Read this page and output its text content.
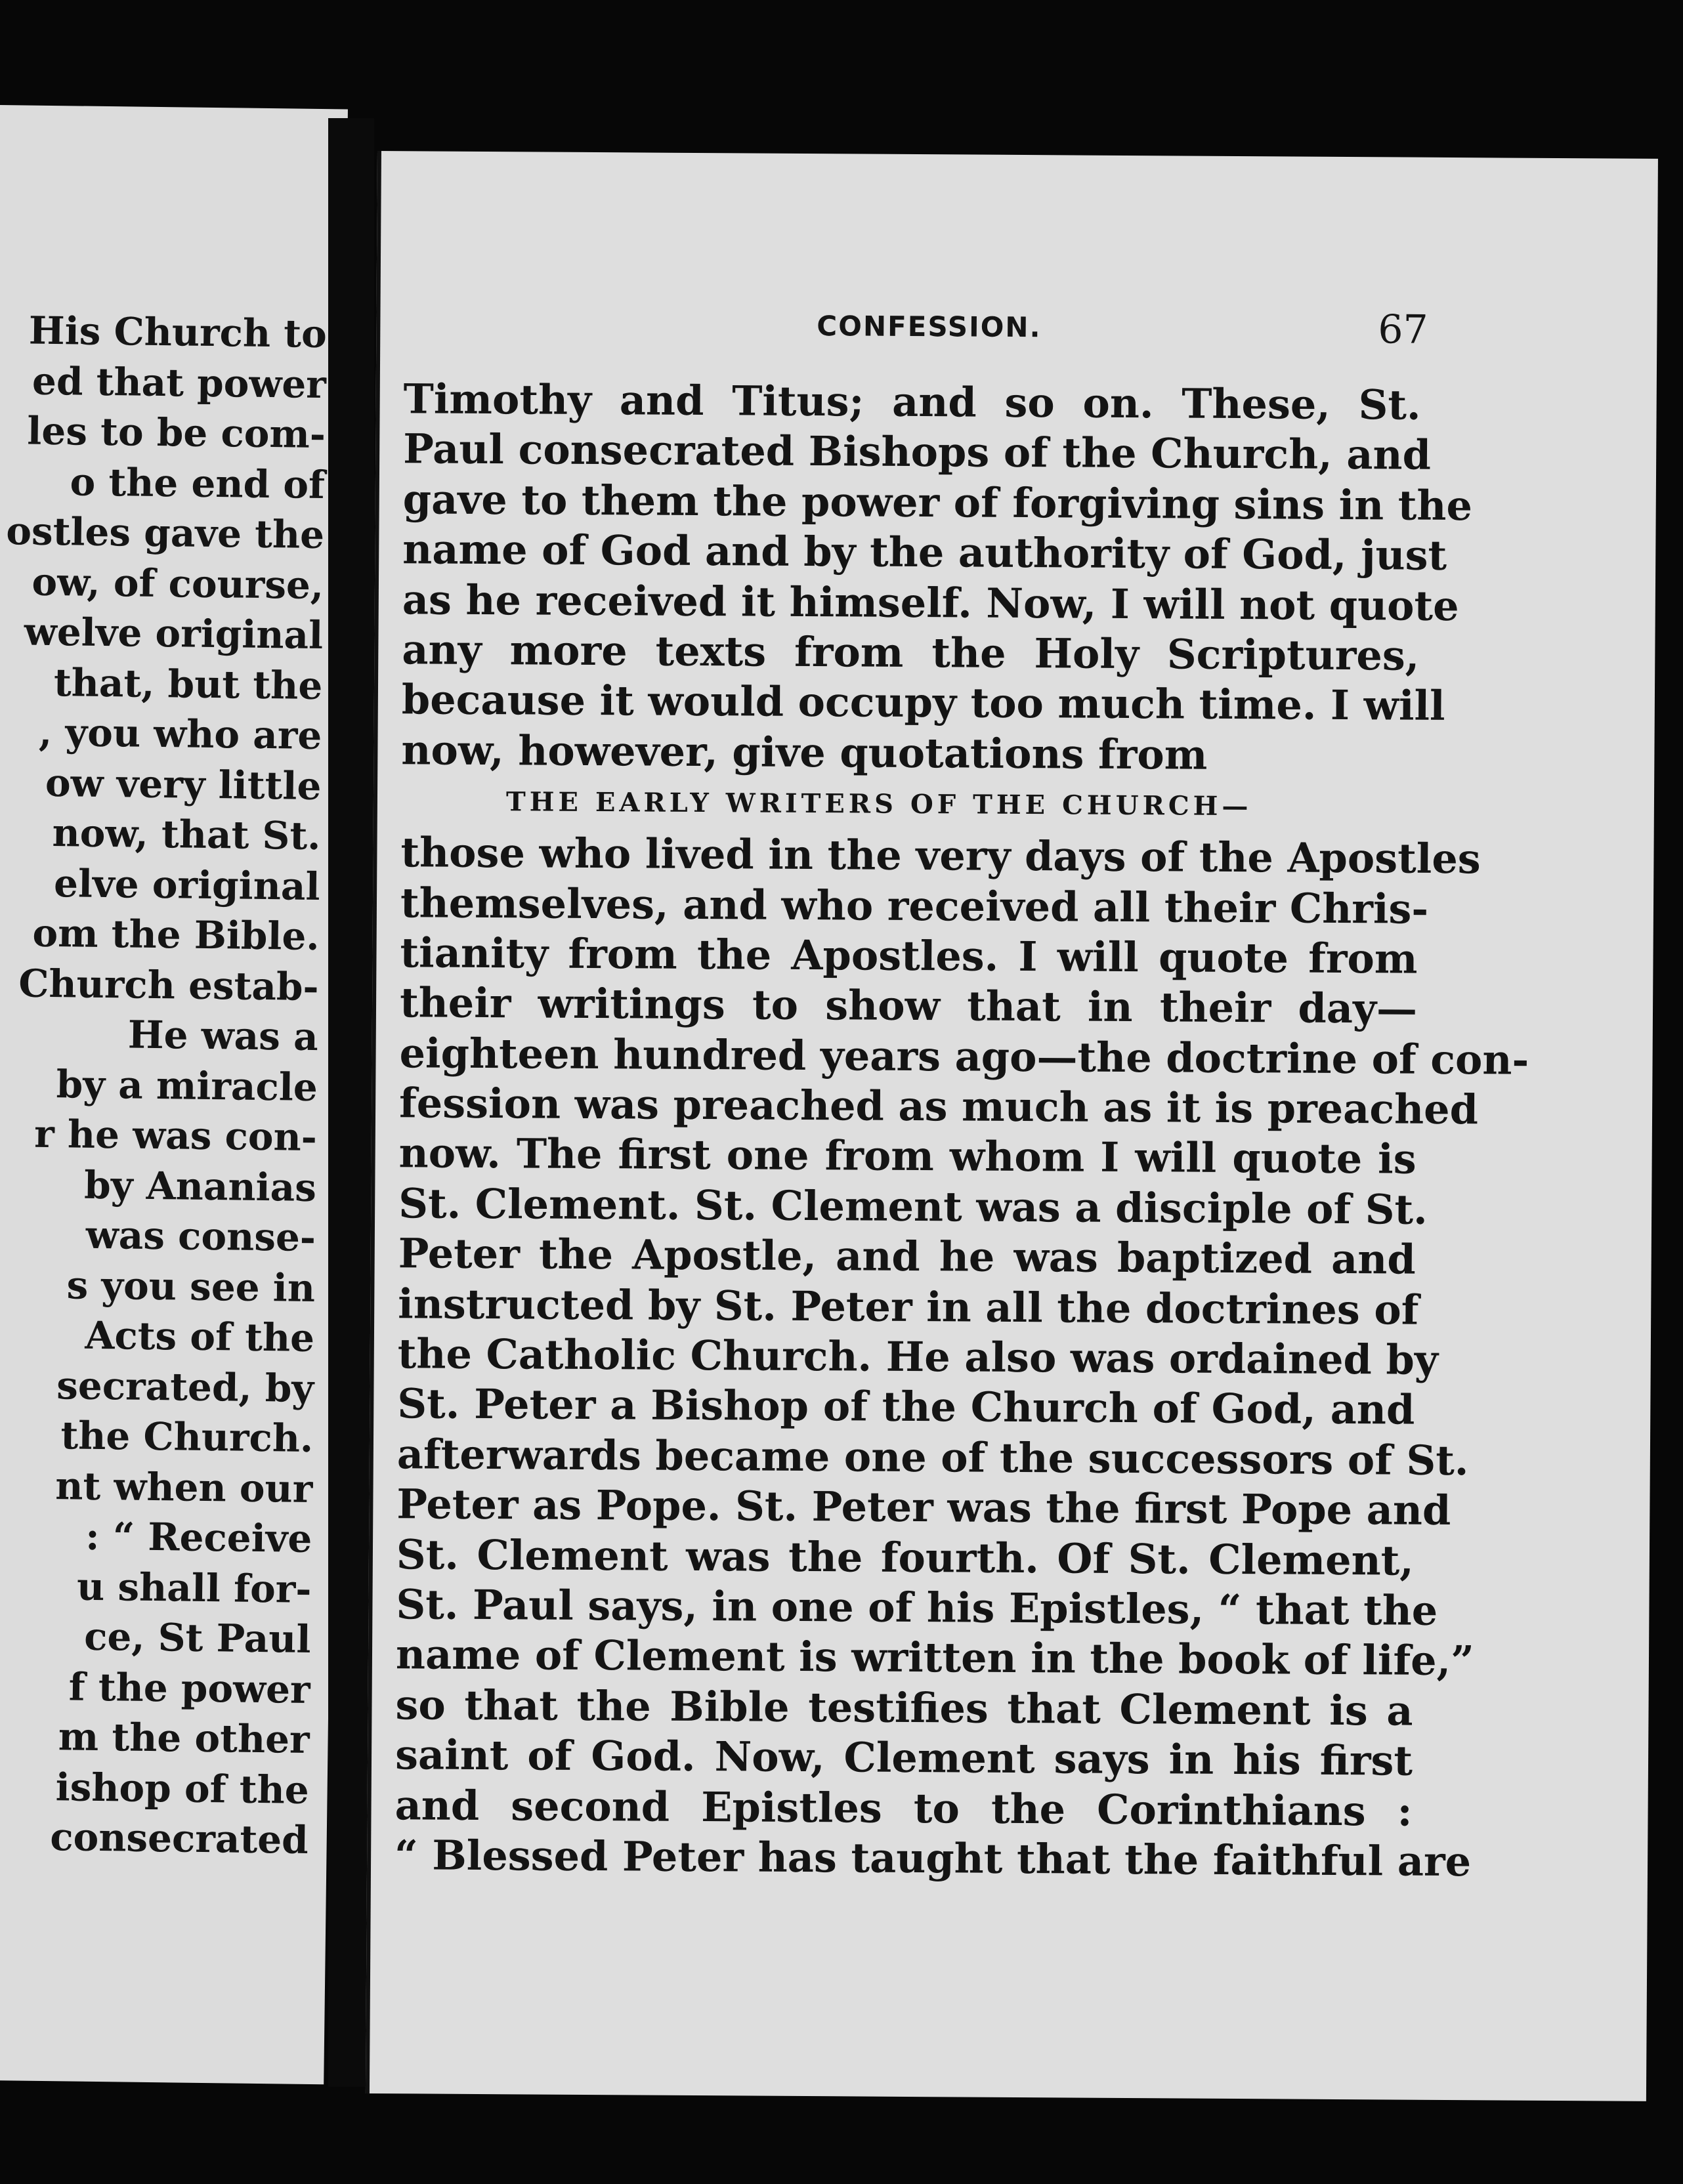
His Church to
ed that power
les to be com-
o the end of
ostles gave the
ow, of course,
welve original
that, but the
, you who are
ow very little
now, that St.
elve original
om the Bible.
Church estab-
He was a
by a miracle
r he was con-
by Ananias
was conse-
s you see in
Acts of the
secrated, by
the Church.
nt when our
: “ Receive
u shall for-
ce, St Paul
f the power
m the other
ishop of the
consecrated
CONFESSION.	67
Timothy and Titus; and so on. These, St.
Paul consecrated Bishops of the Church, and
gave to them the power of forgiving sins in the
name of God and by the authority of God, just
as he received it himself. Now, I will not quote
any more texts from the Holy Scriptures,
because it would occupy too much time. I will
now, however, give quotations from
THE EARLY WRITERS OF THE CHURCH—
those who lived in the very days of the Apostles
themselves, and who received all their Chris-
tianity from the Apostles. I will quote from
their writings to show that in their day—
eighteen hundred years ago—the doctrine of con-
fession was preached as much as it is preached
now. The first one from whom I will quote is
St. Clement. St. Clement was a disciple of St.
Peter the Apostle, and he was baptized and
instructed by St. Peter in all the doctrines of
the Catholic Church. He also was ordained by
St. Peter a Bishop of the Church of God, and
afterwards became one of the successors of St.
Peter as Pope. St. Peter was the first Pope and
St. Clement was the fourth. Of St. Clement,
St. Paul says, in one of his Epistles, “ that the
name of Clement is written in the book of life,”
so that the Bible testifies that Clement is a
saint of God. Now, Clement says in his first
and second Epistles to the Corinthians :
“ Blessed Peter has taught that the faithful are
